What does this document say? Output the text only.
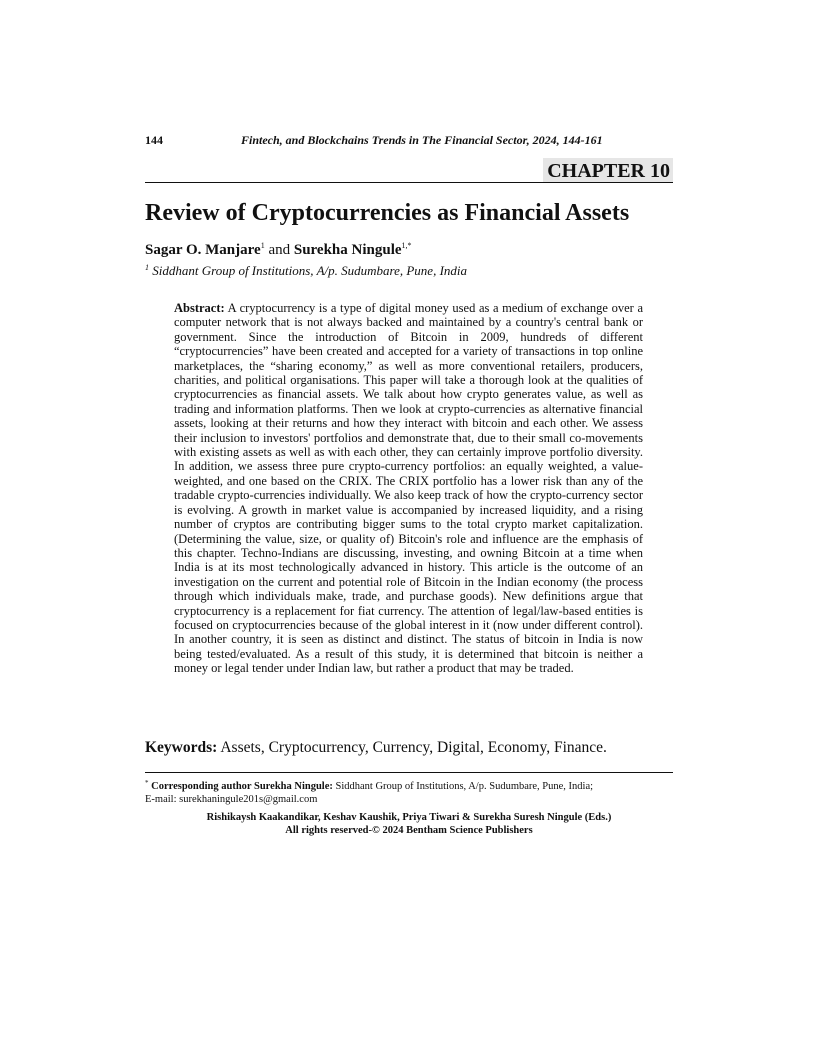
144	Fintech, and Blockchains Trends in The Financial Sector, 2024, 144-161
CHAPTER 10
Review of Cryptocurrencies as Financial Assets
Sagar O. Manjare$^1$ and Surekha Ningule$^{1,*}$
$^1$ Siddhant Group of Institutions, A/p. Sudumbare, Pune, India

Abstract: A cryptocurrency is a type of digital money used as a medium of exchange over a computer network that is not always backed and maintained by a country's central bank or government. Since the introduction of Bitcoin in 2009, hundreds of different “cryptocurrencies” have been created and accepted for a variety of transactions in top online marketplaces, the “sharing economy,” as well as more conventional retailers, producers, charities, and political organisations. This paper will take a thorough look at the qualities of cryptocurrencies as financial assets. We talk about how crypto generates value, as well as trading and information platforms. Then we look at crypto-currencies as alternative financial assets, looking at their returns and how they interact with bitcoin and each other. We assess their inclusion to investors' portfolios and demonstrate that, due to their small co-movements with existing assets as well as with each other, they can certainly improve portfolio diversity. In addition, we assess three pure crypto-currency portfolios: an equally weighted, a value-weighted, and one based on the CRIX. The CRIX portfolio has a lower risk than any of the tradable crypto-currencies individually. We also keep track of how the crypto-currency sector is evolving. A growth in market value is accompanied by increased liquidity, and a rising number of cryptos are contributing bigger sums to the total crypto market capitalization. (Determining the value, size, or quality of) Bitcoin's role and influence are the emphasis of this chapter. Techno-Indians are discussing, investing, and owning Bitcoin at a time when India is at its most technologically advanced in history. This article is the outcome of an investigation on the current and potential role of Bitcoin in the Indian economy (the process through which individuals make, trade, and purchase goods). New definitions argue that cryptocurrency is a replacement for fiat currency. The attention of legal/law-based entities is focused on cryptocurrencies because of the global interest in it (now under different control). In another country, it is seen as distinct and distinct. The status of bitcoin in India is now being tested/evaluated. As a result of this study, it is determined that bitcoin is neither a money or legal tender under Indian law, but rather a product that may be traded.

Keywords: Assets, Cryptocurrency, Currency, Digital, Economy, Finance.
* Corresponding author Surekha Ningule: Siddhant Group of Institutions, A/p. Sudumbare, Pune, India;
E-mail: surekhaningule201s@gmail.com
Rishikaysh Kaakandikar, Keshav Kaushik, Priya Tiwari & Surekha Suresh Ningule (Eds.)
All rights reserved-© 2024 Bentham Science Publishers
